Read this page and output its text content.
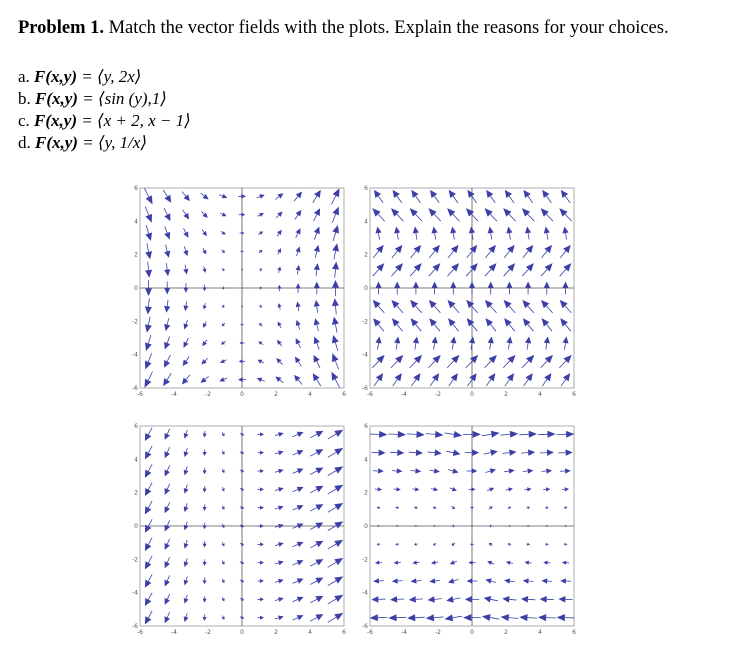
Problem 1. Match the vector fields with the plots. Explain the reasons for your choices.
a. F(x,y) = ⟨y, 2x⟩
b. F(x,y) = ⟨sin (y),1⟩
c. F(x,y) = ⟨x + 2, x − 1⟩
d. F(x,y) = ⟨y, 1/x⟩
-6	-4	-2	0	2	4	6
6
4
2
0
-2
-4
-6
-6	-4	-2	0	2	4	6
6
4
2
0
-2
-4
-6
-6	-4	-2	0	2	4	6
6
4
2
0
-2
-4
-6
-6	-4	-2	0	2	4	6
6
4
2
0
-2
-4
-6
